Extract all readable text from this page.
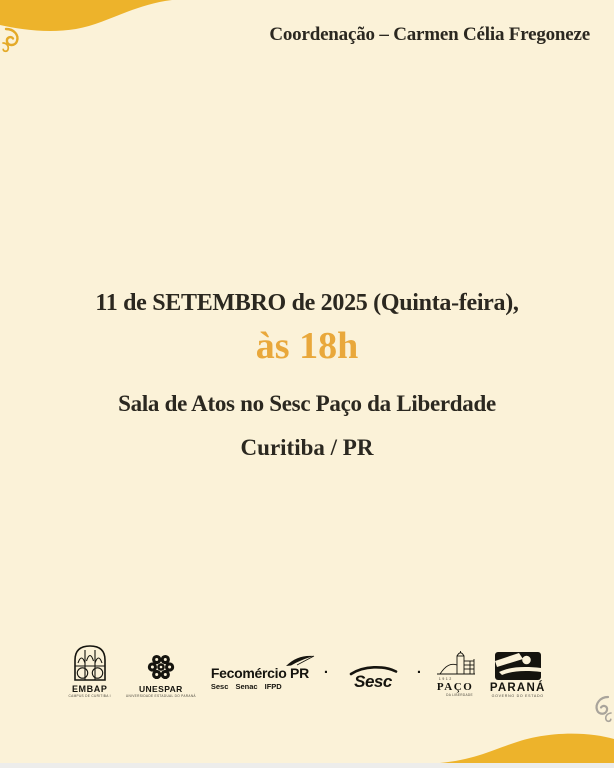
Coordenação – Carmen Célia Fregoneze
11 de SETEMBRO de 2025 (Quinta-feira),
às 18h
Sala de Atos no Sesc Paço da Liberdade
Curitiba / PR
EMBAP
CAMPUS DE CURITIBA I
UNESPAR
UNIVERSIDADE ESTADUAL DO PARANÁ
Fecomércio PR
Sesc Senac IFPD
· Sesc ·	1912
PAÇO
DA LIBERDADE
PARANÁ
GOVERNO DO ESTADO
